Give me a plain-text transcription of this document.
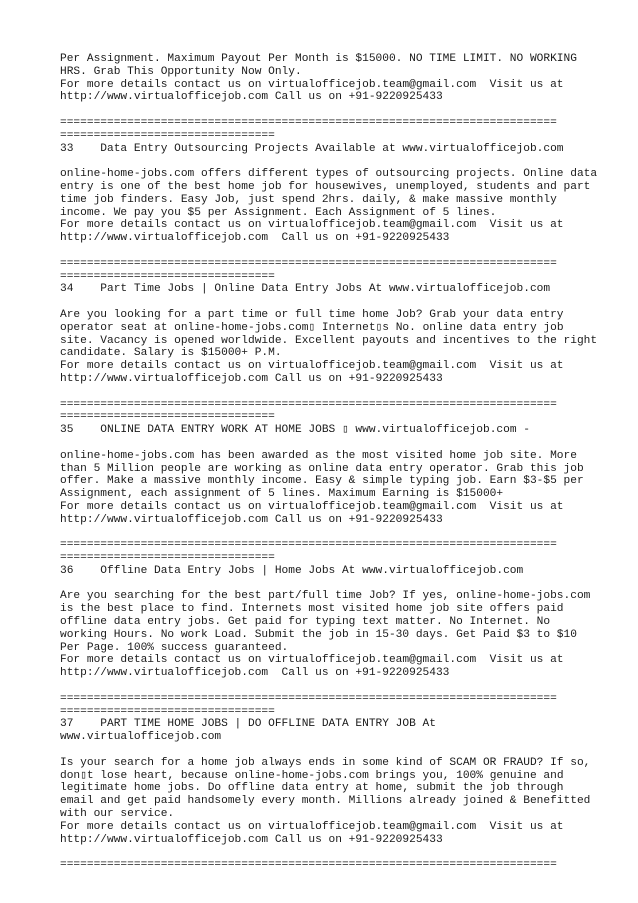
Per Assignment. Maximum Payout Per Month is $15000. NO TIME LIMIT. NO WORKING
HRS. Grab This Opportunity Now Only.
For more details contact us on virtualofficejob.team@gmail.com  Visit us at
http://www.virtualofficejob.com Call us on +91-9220925433
==========================================================================
================================
33    Data Entry Outsourcing Projects Available at www.virtualofficejob.com
online-home-jobs.com offers different types of outsourcing projects. Online data
entry is one of the best home job for housewives, unemployed, students and part
time job finders. Easy Job, just spend 2hrs. daily, & make massive monthly
income. We pay you $5 per Assignment. Each Assignment of 5 lines.
For more details contact us on virtualofficejob.team@gmail.com  Visit us at
http://www.virtualofficejob.com  Call us on +91-9220925433
==========================================================================
================================
34    Part Time Jobs | Online Data Entry Jobs At www.virtualofficejob.com
Are you looking for a part time or full time home Job? Grab your data entry
operator seat at online-home-jobs.com▯ Internet▯s No. online data entry job
site. Vacancy is opened worldwide. Excellent payouts and incentives to the right
candidate. Salary is $15000+ P.M.
For more details contact us on virtualofficejob.team@gmail.com  Visit us at
http://www.virtualofficejob.com Call us on +91-9220925433
==========================================================================
================================
35    ONLINE DATA ENTRY WORK AT HOME JOBS ▯ www.virtualofficejob.com -
online-home-jobs.com has been awarded as the most visited home job site. More
than 5 Million people are working as online data entry operator. Grab this job
offer. Make a massive monthly income. Easy & simple typing job. Earn $3-$5 per
Assignment, each assignment of 5 lines. Maximum Earning is $15000+
For more details contact us on virtualofficejob.team@gmail.com  Visit us at
http://www.virtualofficejob.com Call us on +91-9220925433
==========================================================================
================================
36    Offline Data Entry Jobs | Home Jobs At www.virtualofficejob.com
Are you searching for the best part/full time Job? If yes, online-home-jobs.com
is the best place to find. Internets most visited home job site offers paid
offline data entry jobs. Get paid for typing text matter. No Internet. No
working Hours. No work Load. Submit the job in 15-30 days. Get Paid $3 to $10
Per Page. 100% success guaranteed.
For more details contact us on virtualofficejob.team@gmail.com  Visit us at
http://www.virtualofficejob.com  Call us on +91-9220925433
==========================================================================
================================
37    PART TIME HOME JOBS | DO OFFLINE DATA ENTRY JOB At
www.virtualofficejob.com
Is your search for a home job always ends in some kind of SCAM OR FRAUD? If so,
don▯t lose heart, because online-home-jobs.com brings you, 100% genuine and
legitimate home jobs. Do offline data entry at home, submit the job through
email and get paid handsomely every month. Millions already joined & Benefitted
with our service.
For more details contact us on virtualofficejob.team@gmail.com  Visit us at
http://www.virtualofficejob.com Call us on +91-9220925433
==========================================================================
